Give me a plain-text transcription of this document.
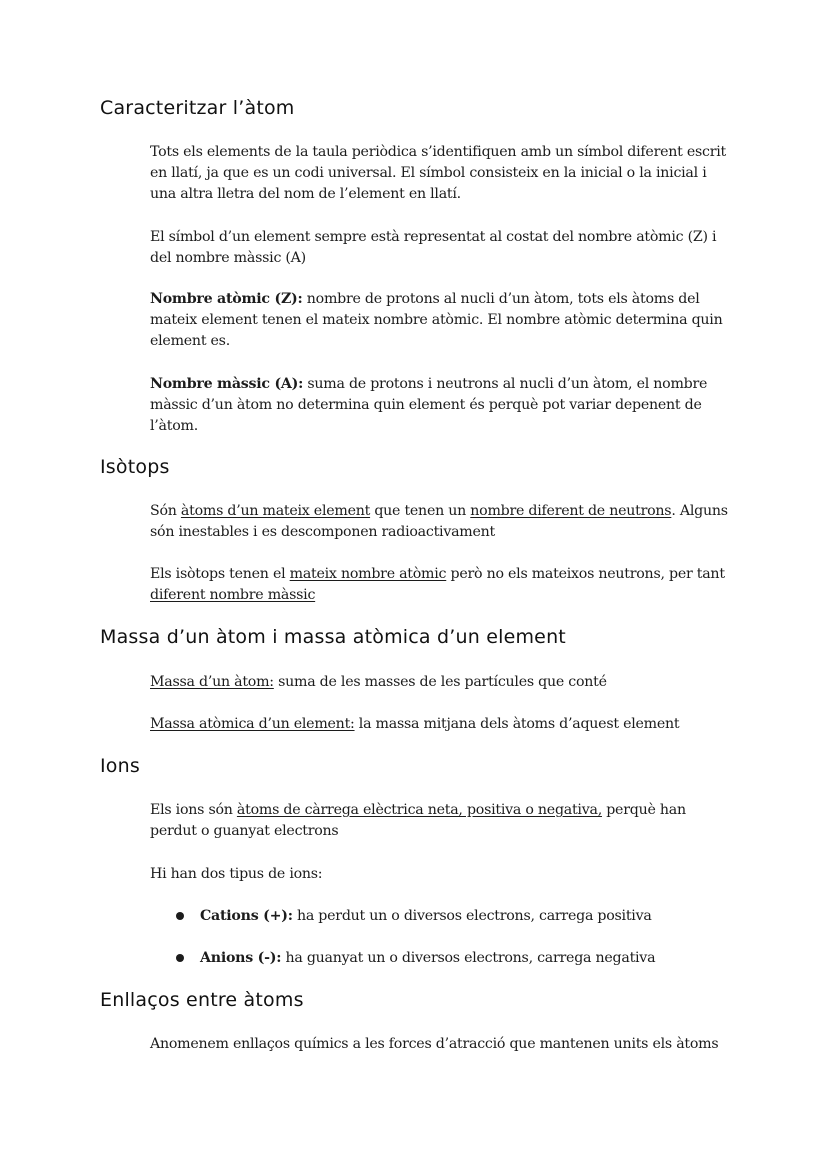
Caracteritzar l’àtom

Tots els elements de la taula periòdica s’identifiquen amb un símbol diferent escrit en llatí, ja que es un codi universal. El símbol consisteix en la inicial o la inicial i una altra lletra del nom de l’element en llatí.

El símbol d’un element sempre està representat al costat del nombre atòmic (Z) i del nombre màssic (A)

Nombre atòmic (Z): nombre de protons al nucli d’un àtom, tots els àtoms del mateix element tenen el mateix nombre atòmic. El nombre atòmic determina quin element es.

Nombre màssic (A): suma de protons i neutrons al nucli d’un àtom, el nombre màssic d’un àtom no determina quin element és perquè pot variar depenent de l’àtom.

Isòtops

Són àtoms d’un mateix element que tenen un nombre diferent de neutrons. Alguns són inestables i es descomponen radioactivament

Els isòtops tenen el mateix nombre atòmic però no els mateixos neutrons, per tant diferent nombre màssic

Massa d’un àtom i massa atòmica d’un element

Massa d’un àtom: suma de les masses de les partícules que conté

Massa atòmica d’un element: la massa mitjana dels àtoms d’aquest element

Ions

Els ions són àtoms de càrrega elèctrica neta, positiva o negativa, perquè han perdut o guanyat electrons

Hi han dos tipus de ions:

Cations (+): ha perdut un o diversos electrons, carrega positiva

Anions (-): ha guanyat un o diversos electrons, carrega negativa

Enllaços entre àtoms

Anomenem enllaços químics a les forces d’atracció que mantenen units els àtoms
